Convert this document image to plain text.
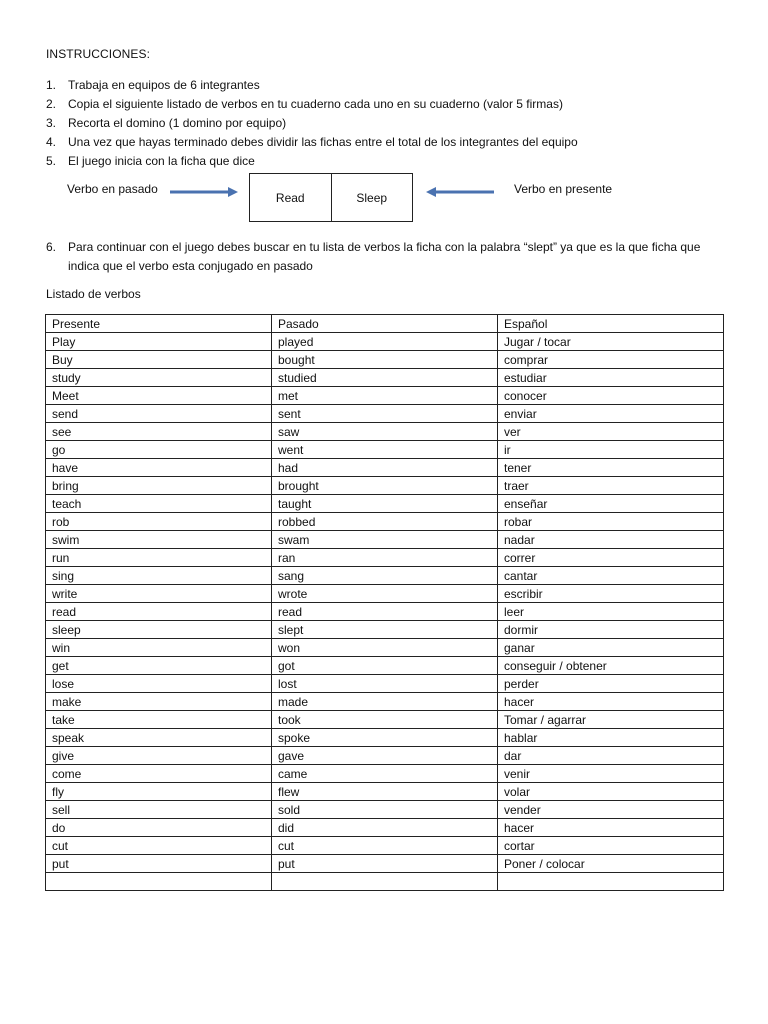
INSTRUCCIONES:
1. Trabaja en equipos de 6 integrantes
2. Copia el siguiente listado de verbos en tu cuaderno cada uno en su cuaderno (valor 5 firmas)
3. Recorta el domino (1 domino por equipo)
4. Una vez que hayas terminado debes dividir las fichas entre el total de los integrantes del equipo
5. El juego inicia con la ficha que dice
Verbo en pasado
Read	Sleep
Verbo en presente
6. Para continuar con el juego debes buscar en tu lista de verbos la ficha con la palabra “slept” ya que es la que ficha que indica que el verbo esta conjugado en pasado
Listado de verbos
Presente	Pasado	Español
Play	played	Jugar / tocar
Buy	bought	comprar
study	studied	estudiar
Meet	met	conocer
send	sent	enviar
see	saw	ver
go	went	ir
have	had	tener
bring	brought	traer
teach	taught	enseñar
rob	robbed	robar
swim	swam	nadar
run	ran	correr
sing	sang	cantar
write	wrote	escribir
read	read	leer
sleep	slept	dormir
win	won	ganar
get	got	conseguir / obtener
lose	lost	perder
make	made	hacer
take	took	Tomar / agarrar
speak	spoke	hablar
give	gave	dar
come	came	venir
fly	flew	volar
sell	sold	vender
do	did	hacer
cut	cut	cortar
put	put	Poner / colocar
